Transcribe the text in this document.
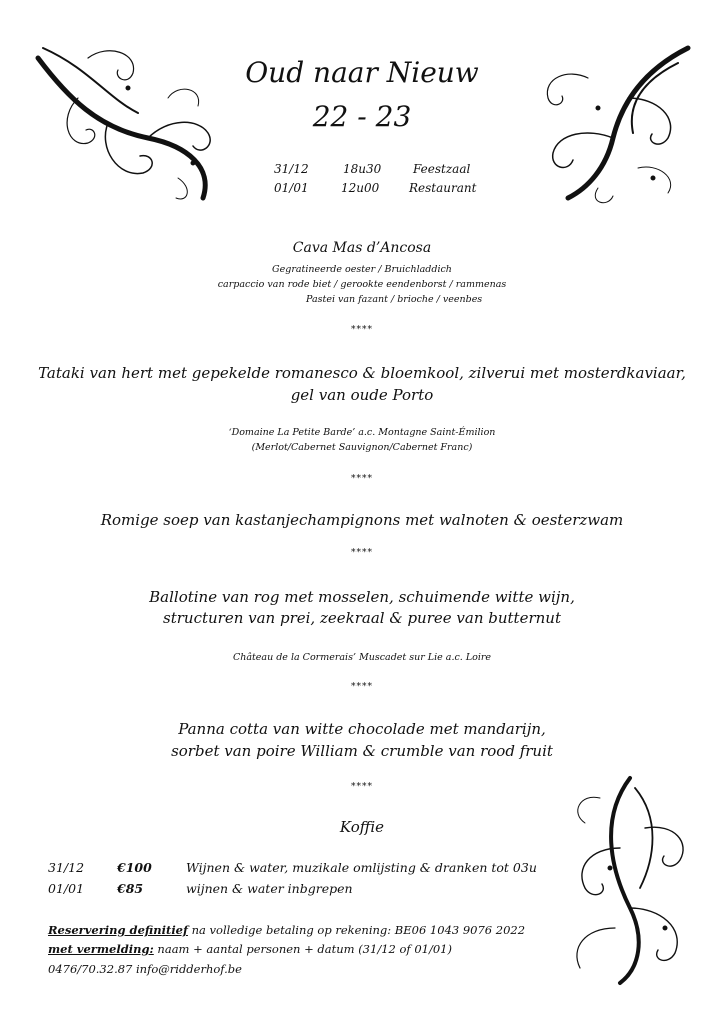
Oud naar Nieuw
22 - 23
31/12	18u30	Feestzaal
01/01	12u00 Restaurant
Cava Mas d’Ancosa
Gegratineerde oester / Bruichladdich
carpaccio van rode biet / gerookte eendenborst / rammenas
Pastei van fazant / brioche / veenbes
****
Tataki van hert met gepekelde romanesco & bloemkool, zilverui met mosterdkaviaar,
gel van oude Porto
‘Domaine La Petite Barde’ a.c. Montagne Saint-Émilion
(Merlot/Cabernet Sauvignon/Cabernet Franc)
****
Romige soep van kastanjechampignons met walnoten & oesterzwam
****
Ballotine van rog met mosselen, schuimende witte wijn,
structuren van prei, zeekraal & puree van butternut
Château de la Cormerais’ Muscadet sur Lie a.c. Loire
****
Panna cotta van witte chocolade met mandarijn,
sorbet van poire William & crumble van rood fruit
****
Koffie
31/12	€100	Wijnen & water, muzikale omlijsting & dranken tot 03u
01/01	€85	wijnen & water inbgrepen
Reservering definitief na volledige betaling op rekening: BE06 1043 9076 2022
met vermelding: naam + aantal personen + datum (31/12 of 01/01)
0476/70.32.87 info@ridderhof.be
